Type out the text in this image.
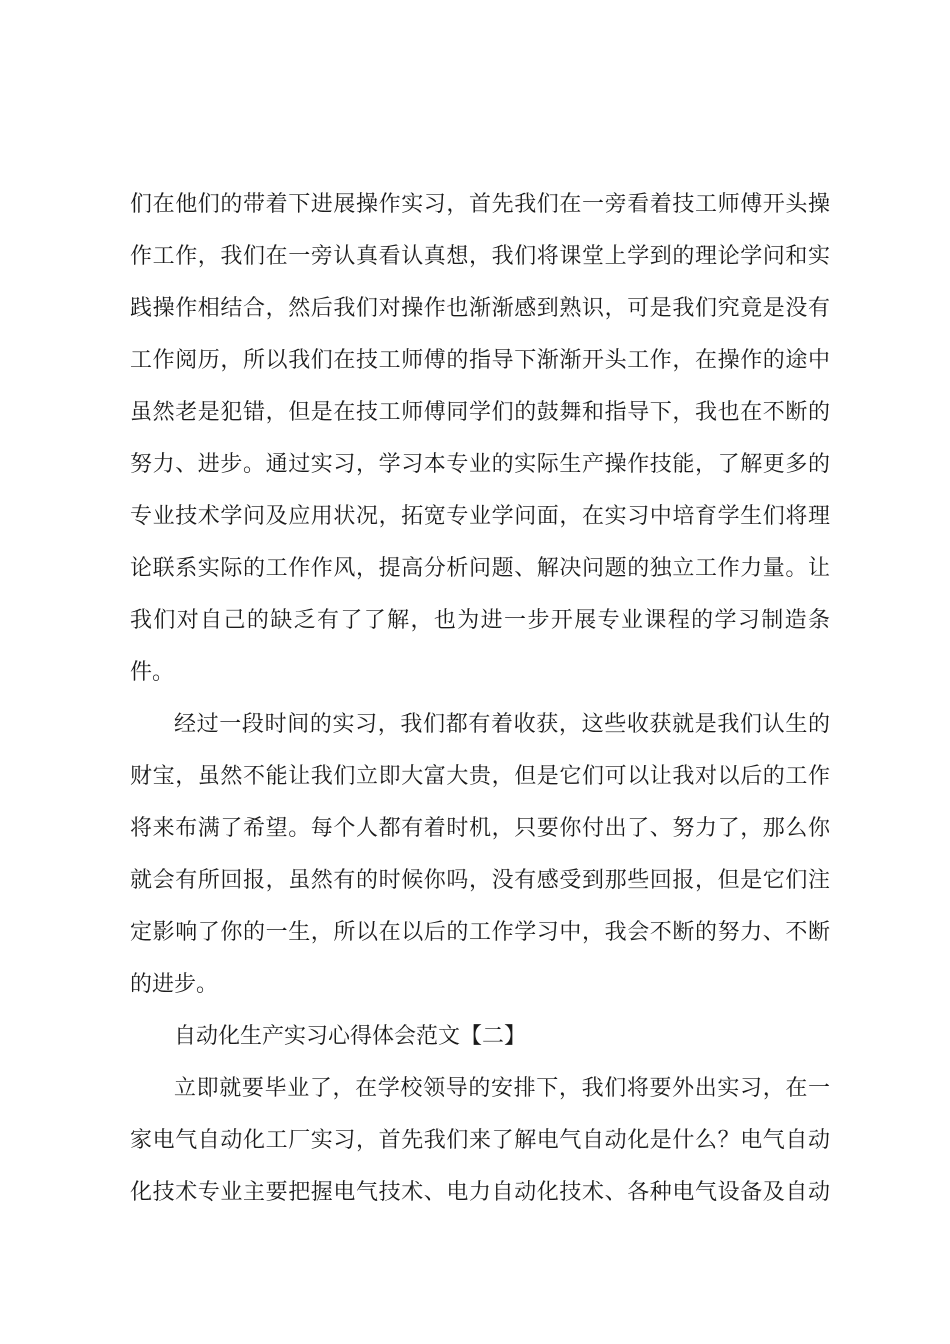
们在他们的带着下进展操作实习，首先我们在一旁看着技工师傅开头操
作工作，我们在一旁认真看认真想，我们将课堂上学到的理论学问和实
践操作相结合，然后我们对操作也渐渐感到熟识，可是我们究竟是没有
工作阅历，所以我们在技工师傅的指导下渐渐开头工作，在操作的途中
虽然老是犯错，但是在技工师傅同学们的鼓舞和指导下，我也在不断的
努力、进步。通过实习，学习本专业的实际生产操作技能，了解更多的
专业技术学问及应用状况，拓宽专业学问面，在实习中培育学生们将理
论联系实际的工作作风，提高分析问题、解决问题的独立工作力量。让
我们对自己的缺乏有了了解，也为进一步开展专业课程的学习制造条
件。
经过一段时间的实习，我们都有着收获，这些收获就是我们认生的
财宝，虽然不能让我们立即大富大贵，但是它们可以让我对以后的工作
将来布满了希望。每个人都有着时机，只要你付出了、努力了，那么你
就会有所回报，虽然有的时候你吗，没有感受到那些回报，但是它们注
定影响了你的一生，所以在以后的工作学习中，我会不断的努力、不断
的进步。
自动化生产实习心得体会范文【二】
立即就要毕业了，在学校领导的安排下，我们将要外出实习，在一
家电气自动化工厂实习，首先我们来了解电气自动化是什么？电气自动
化技术专业主要把握电气技术、电力自动化技术、各种电气设备及自动
